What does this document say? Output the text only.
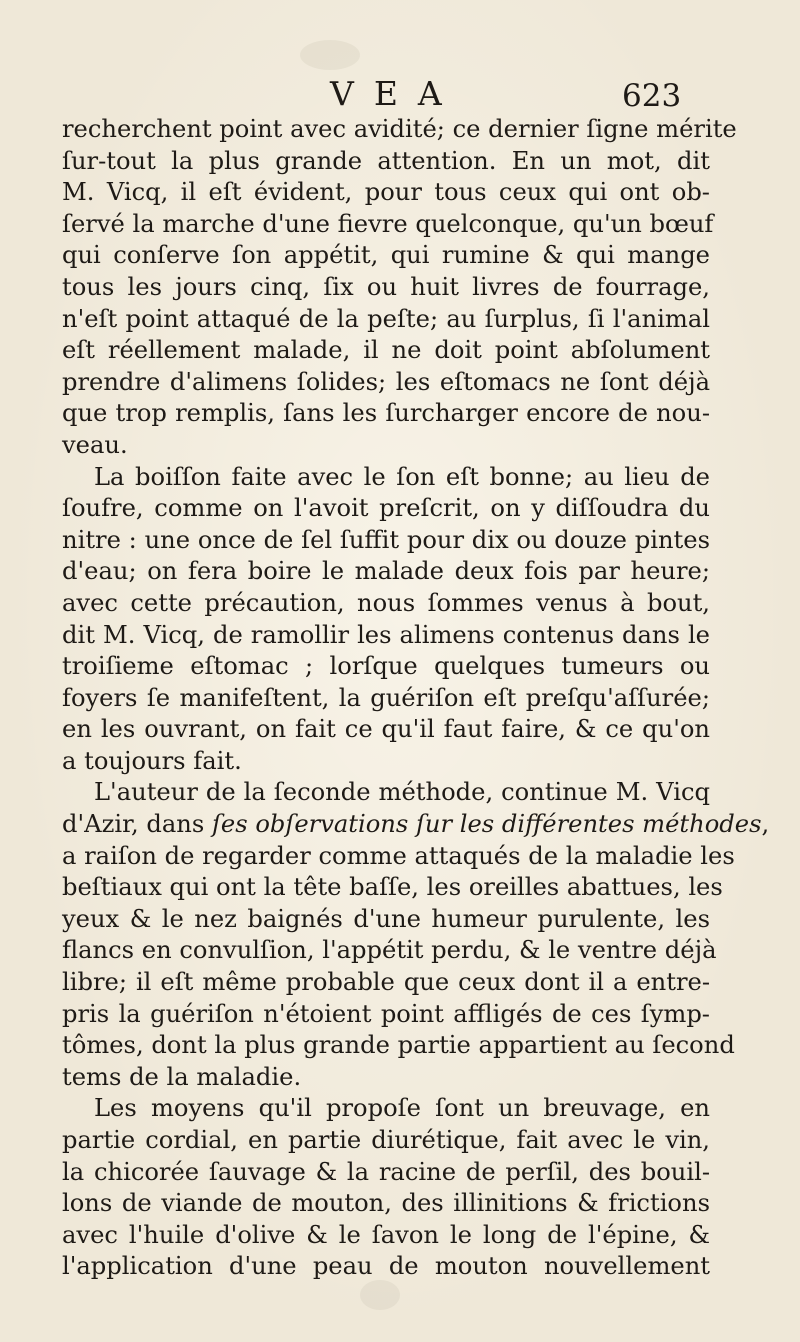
VEA	623
recherchent point avec avidité; ce dernier ſigne mérite
ſur-tout la plus grande attention. En un mot, dit
M. Vicq, il eſt évident, pour tous ceux qui ont ob-
ſervé la marche d'une fievre quelconque, qu'un bœuf
qui conſerve ſon appétit, qui rumine & qui mange
tous les jours cinq, ſix ou huit livres de fourrage,
n'eſt point attaqué de la peſte; au ſurplus, ſi l'animal
eſt réellement malade, il ne doit point abſolument
prendre d'alimens ſolides; les eſtomacs ne ſont déjà
que trop remplis, ſans les ſurcharger encore de nou-
veau.
La boiſſon faite avec le ſon eſt bonne; au lieu de
ſoufre, comme on l'avoit preſcrit, on y diſſoudra du
nitre : une once de ſel ſuffit pour dix ou douze pintes
d'eau; on fera boire le malade deux fois par heure;
avec cette précaution, nous ſommes venus à bout,
dit M. Vicq, de ramollir les alimens contenus dans le
troiſieme eſtomac ; lorſque quelques tumeurs ou
foyers ſe manifeſtent, la guériſon eſt preſqu'aſſurée;
en les ouvrant, on fait ce qu'il faut faire, & ce qu'on
a toujours fait.
L'auteur de la ſeconde méthode, continue M. Vicq
d'Azir, dans ſes obſervations ſur les différentes méthodes,
a raiſon de regarder comme attaqués de la maladie les
beſtiaux qui ont la tête baſſe, les oreilles abattues, les
yeux & le nez baignés d'une humeur purulente, les
flancs en convulſion, l'appétit perdu, & le ventre déjà
libre; il eſt même probable que ceux dont il a entre-
pris la guériſon n'étoient point affligés de ces ſymp-
tômes, dont la plus grande partie appartient au ſecond
tems de la maladie.
Les moyens qu'il propoſe ſont un breuvage, en
partie cordial, en partie diurétique, fait avec le vin,
la chicorée ſauvage & la racine de perſil, des bouil-
lons de viande de mouton, des illinitions & frictions
avec l'huile d'olive & le ſavon le long de l'épine, &
l'application d'une peau de mouton nouvellement
